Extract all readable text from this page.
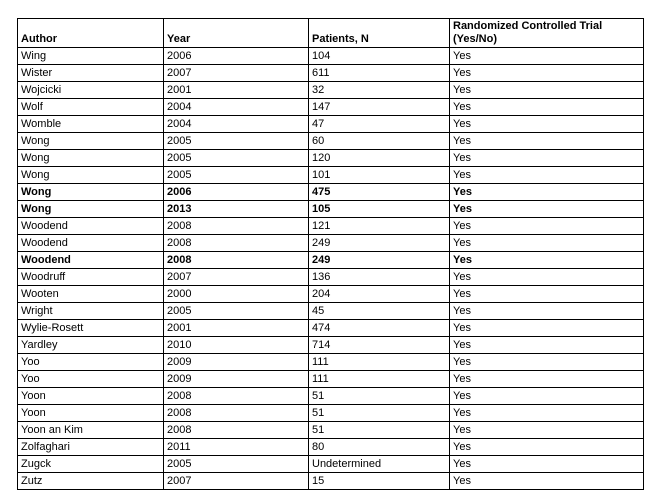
Author	Year	Patients, N	Randomized Controlled Trial (Yes/No)
Wing	2006	104	Yes
Wister	2007	611	Yes
Wojcicki	2001	32	Yes
Wolf	2004	147	Yes
Womble	2004	47	Yes
Wong	2005	60	Yes
Wong	2005	120	Yes
Wong	2005	101	Yes
Wong	2006	475	Yes
Wong	2013	105	Yes
Woodend	2008	121	Yes
Woodend	2008	249	Yes
Woodend	2008	249	Yes
Woodruff	2007	136	Yes
Wooten	2000	204	Yes
Wright	2005	45	Yes
Wylie-Rosett	2001	474	Yes
Yardley	2010	714	Yes
Yoo	2009	111	Yes
Yoo	2009	111	Yes
Yoon	2008	51	Yes
Yoon	2008	51	Yes
Yoon an Kim	2008	51	Yes
Zolfaghari	2011	80	Yes
Zugck	2005	Undetermined	Yes
Zutz	2007	15	Yes
